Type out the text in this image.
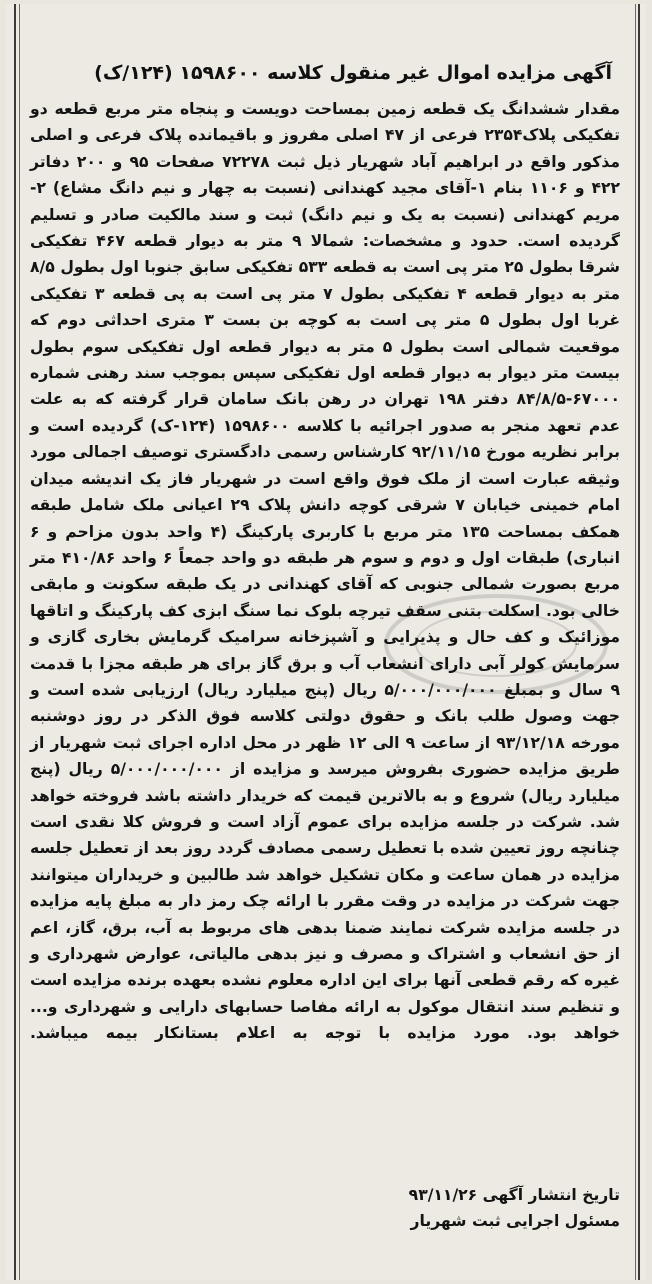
آگهی مزایده اموال غیر منقول کلاسه ۱۵۹۸۶۰۰ (۱۲۴/ک)

مقدار ششدانگ یک قطعه زمین بمساحت دویست و پنجاه متر مربع قطعه دو تفکیکی پلاک۲۳۵۴ فرعی از ۴۷ اصلی مفروز و باقیمانده پلاک فرعی و اصلی مذکور واقع در ابراهیم آباد شهریار ذیل ثبت ۷۲۲۷۸ صفحات ۹۵ و ۲۰۰ دفاتر ۴۲۲ و ۱۱۰۶ بنام ۱-آقای مجید کهندانی (نسبت به چهار و نیم دانگ مشاع) ۲-مریم کهندانی (نسبت به یک و نیم دانگ) ثبت و سند مالکیت صادر و تسلیم گردیده است. حدود و مشخصات: شمالا ۹ متر به دیوار قطعه ۴۶۷ تفکیکی شرقا بطول ۲۵ متر پی است به قطعه ۵۳۳ تفکیکی سابق جنوبا اول بطول ۸/۵ متر به دیوار قطعه ۴ تفکیکی بطول ۷ متر پی است به پی قطعه ۳ تفکیکی غربا اول بطول ۵ متر پی است به کوچه بن بست ۳ متری احداثی دوم که موقعیت شمالی است بطول ۵ متر به دیوار قطعه اول تفکیکی سوم بطول بیست متر دیوار به دیوار قطعه اول تفکیکی سپس بموجب سند رهنی شماره ۶۷۰۰۰-۸۴/۸/۵ دفتر ۱۹۸ تهران در رهن بانک سامان قرار گرفته که به علت عدم تعهد منجر به صدور اجرائیه با کلاسه ۱۵۹۸۶۰۰ (۱۲۴-ک) گردیده است و برابر نظریه مورخ ۹۲/۱۱/۱۵ کارشناس رسمی دادگستری توصیف اجمالی مورد وثیقه عبارت است از ملک فوق واقع است در شهریار فاز یک اندیشه میدان امام خمینی خیابان ۷ شرقی کوچه دانش پلاک ۲۹ اعیانی ملک شامل طبقه همکف بمساحت ۱۳۵ متر مربع با کاربری پارکینگ (۴ واحد بدون مزاحم و ۶ انباری) طبقات اول و دوم و سوم هر طبقه دو واحد جمعاً ۶ واحد ۴۱۰/۸۶ متر مربع بصورت شمالی جنوبی که آقای کهندانی در یک طبقه سکونت و مابقی خالی بود. اسکلت بتنی سقف تیرچه بلوک نما سنگ ابزی کف پارکینگ و اتاقها موزائیک و کف حال و پذیرایی و آشپزخانه سرامیک گرمایش بخاری گازی و سرمایش کولر آبی دارای انشعاب آب و برق گاز برای هر طبقه مجزا با قدمت ۹ سال و بمبلغ ۵/۰۰۰/۰۰۰/۰۰۰ ریال (پنج میلیارد ریال) ارزیابی شده است و جهت وصول طلب بانک و حقوق دولتی کلاسه فوق الذکر در روز دوشنبه مورخه ۹۳/۱۲/۱۸ از ساعت ۹ الی ۱۲ ظهر در محل اداره اجرای ثبت شهریار از طریق مزایده حضوری بفروش میرسد و مزایده از ۵/۰۰۰/۰۰۰/۰۰۰ ریال (پنج میلیارد ریال) شروع و به بالاترین قیمت که خریدار داشته باشد فروخته خواهد شد. شرکت در جلسه مزایده برای عموم آزاد است و فروش کلا نقدی است چنانچه روز تعیین شده با تعطیل رسمی مصادف گردد روز بعد از تعطیل جلسه مزایده در همان ساعت و مکان تشکیل خواهد شد طالبین و خریداران میتوانند جهت شرکت در مزایده در وقت مقرر با ارائه چک رمز دار به مبلغ پایه مزایده در جلسه مزایده شرکت نمایند ضمنا بدهی های مربوط به آب، برق، گاز، اعم از حق انشعاب و اشتراک و مصرف و نیز بدهی مالیاتی، عوارض شهرداری و غیره که رقم قطعی آنها برای این اداره معلوم نشده بعهده برنده مزایده است و تنظیم سند انتقال موکول به ارائه مفاصا حسابهای دارایی و شهرداری و... خواهد بود. مورد مزایده با توجه به اعلام بستانکار بیمه میباشد.

تاریخ انتشار آگهی ۹۳/۱۱/۲۶
مسئول اجرایی ثبت شهریار
